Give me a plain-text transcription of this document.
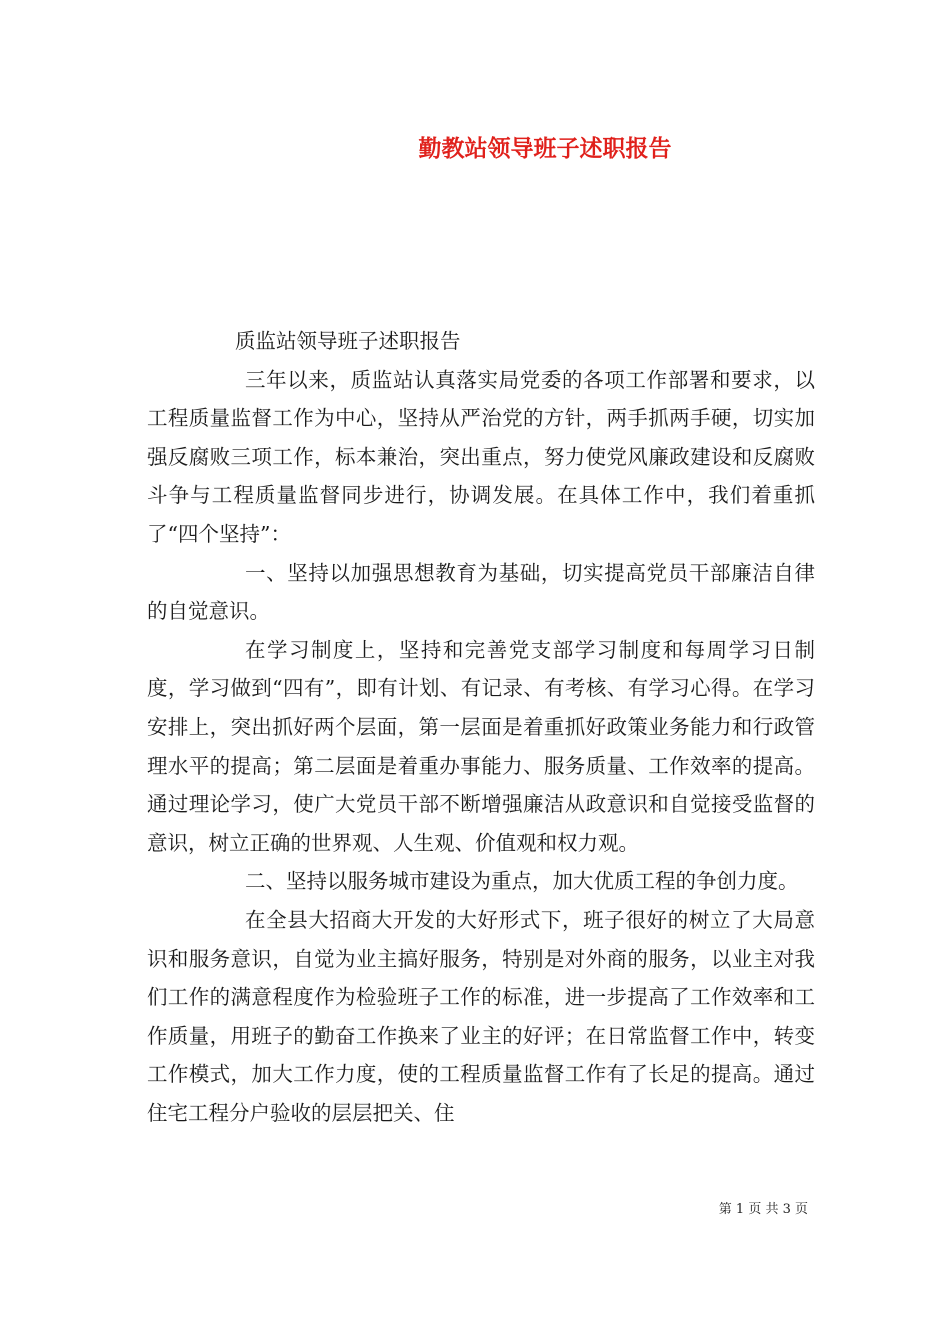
勤教站领导班子述职报告

质监站领导班子述职报告

三年以来，质监站认真落实局党委的各项工作部署和要求，以工程质量监督工作为中心，坚持从严治党的方针，两手抓两手硬，切实加强反腐败三项工作，标本兼治，突出重点，努力使党风廉政建设和反腐败斗争与工程质量监督同步进行，协调发展。在具体工作中，我们着重抓了“四个坚持”：

一、坚持以加强思想教育为基础，切实提高党员干部廉洁自律的自觉意识。

在学习制度上，坚持和完善党支部学习制度和每周学习日制度，学习做到“四有”，即有计划、有记录、有考核、有学习心得。在学习安排上，突出抓好两个层面，第一层面是着重抓好政策业务能力和行政管理水平的提高；第二层面是着重办事能力、服务质量、工作效率的提高。通过理论学习，使广大党员干部不断增强廉洁从政意识和自觉接受监督的意识，树立正确的世界观、人生观、价值观和权力观。

二、坚持以服务城市建设为重点，加大优质工程的争创力度。

在全县大招商大开发的大好形式下，班子很好的树立了大局意识和服务意识，自觉为业主搞好服务，特别是对外商的服务，以业主对我们工作的满意程度作为检验班子工作的标准，进一步提高了工作效率和工作质量，用班子的勤奋工作换来了业主的好评；在日常监督工作中，转变工作模式，加大工作力度，使的工程质量监督工作有了长足的提高。通过住宅工程分户验收的层层把关、住

第 1 页 共 3 页
